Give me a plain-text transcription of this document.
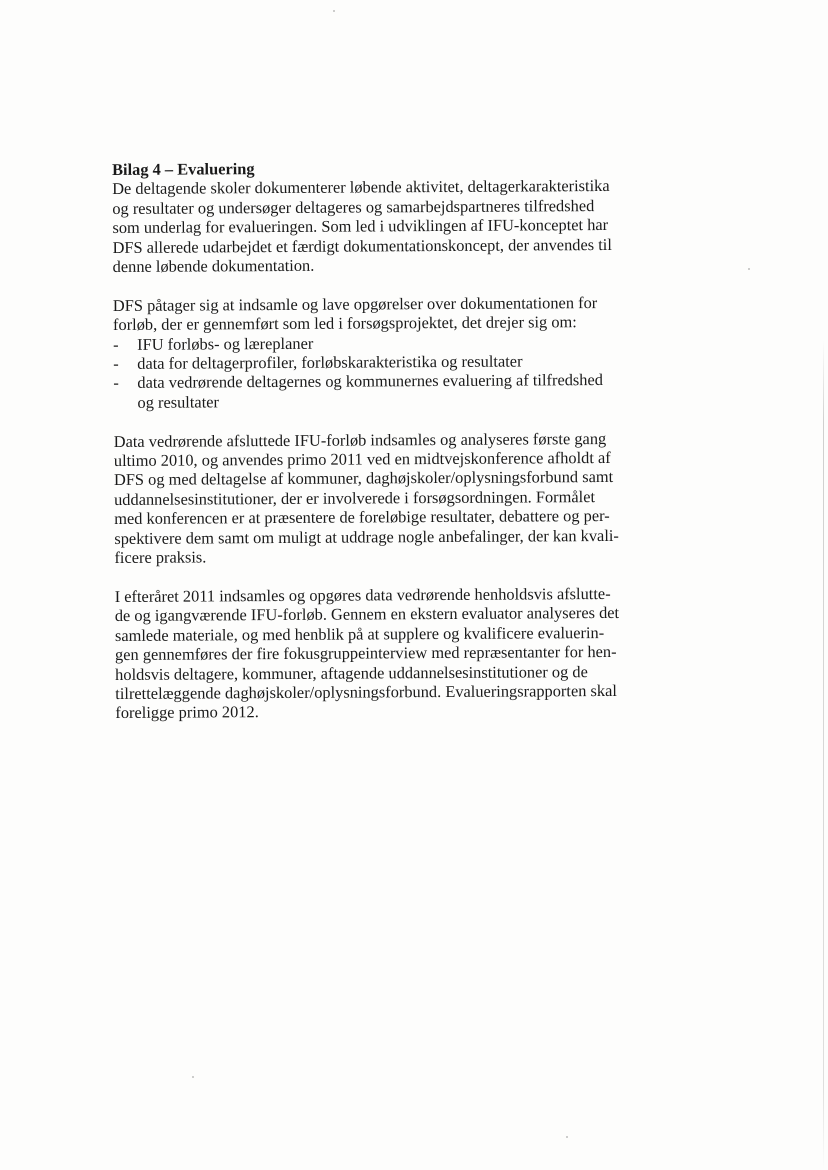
Bilag 4 – Evaluering

De deltagende skoler dokumenterer løbende aktivitet, deltagerkarakteristika
og resultater og undersøger deltageres og samarbejdspartneres tilfredshed
som underlag for evalueringen. Som led i udviklingen af IFU-konceptet har
DFS allerede udarbejdet et færdigt dokumentationskoncept, der anvendes til
denne løbende dokumentation.

DFS påtager sig at indsamle og lave opgørelser over dokumentationen for
forløb, der er gennemført som led i forsøgsprojektet, det drejer sig om:

- IFU forløbs- og læreplaner
- data for deltagerprofiler, forløbskarakteristika og resultater
- data vedrørende deltagernes og kommunernes evaluering af tilfredshed
og resultater

Data vedrørende afsluttede IFU-forløb indsamles og analyseres første gang
ultimo 2010, og anvendes primo 2011 ved en midtvejskonference afholdt af
DFS og med deltagelse af kommuner, daghøjskoler/oplysningsforbund samt
uddannelsesinstitutioner, der er involverede i forsøgsordningen. Formålet
med konferencen er at præsentere de foreløbige resultater, debattere og per-
spektivere dem samt om muligt at uddrage nogle anbefalinger, der kan kvali-
ficere praksis.

I efteråret 2011 indsamles og opgøres data vedrørende henholdsvis afslutte-
de og igangværende IFU-forløb. Gennem en ekstern evaluator analyseres det
samlede materiale, og med henblik på at supplere og kvalificere evaluerin-
gen gennemføres der fire fokusgruppeinterview med repræsentanter for hen-
holdsvis deltagere, kommuner, aftagende uddannelsesinstitutioner og de
tilrettelæggende daghøjskoler/oplysningsforbund. Evalueringsrapporten skal
foreligge primo 2012.
